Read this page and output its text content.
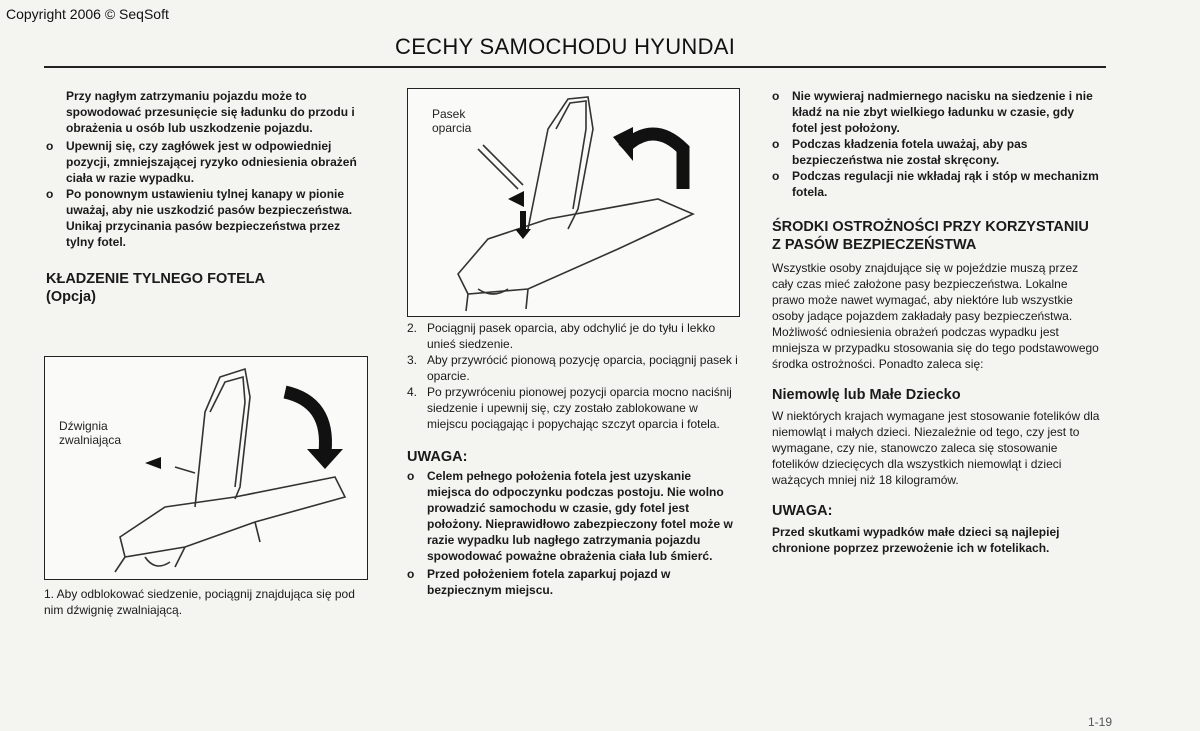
Copyright 2006 © SeqSoft
CECHY SAMOCHODU HYUNDAI

Przy nagłym zatrzymaniu pojazdu może to spowodować przesunięcie się ładunku do przodu i obrażenia u osób lub uszkodzenie pojazdu.

o	Upewnij się, czy zagłówek jest w odpowiedniej pozycji, zmniejszającej ryzyko odniesienia obrażeń ciała w razie wypadku.
o	Po ponownym ustawieniu tylnej kanapy w pionie uważaj, aby nie uszkodzić pasów bezpieczeństwa. Unikaj przycinania pasów bezpieczeństwa przez tylny fotel.
KŁADZENIE TYLNEGO FOTELA (Opcja)
Dźwignia zwalniająca

1. Aby odblokować siedzenie, pociągnij znajdująca się pod nim dźwignię zwalniającą.

Pasek oparcia
2. Pociągnij pasek oparcia, aby odchylić je do tyłu i lekko unieś siedzenie.
3. Aby przywrócić pionową pozycję oparcia, pociągnij pasek i oparcie.
4. Po przywróceniu pionowej pozycji oparcia mocno naciśnij siedzenie i upewnij się, czy zostało zablokowane w miejscu pociągając i popychając szczyt oparcia i fotela.
UWAGA:
o	Celem pełnego położenia fotela jest uzyskanie miejsca do odpoczynku podczas postoju. Nie wolno prowadzić samochodu w czasie, gdy fotel jest położony. Nieprawidłowo zabezpieczony fotel może w razie wypadku lub nagłego zatrzymania pojazdu spowodować poważne obrażenia ciała lub śmierć.
o	Przed położeniem fotela zaparkuj pojazd w bezpiecznym miejscu.
o	Nie wywieraj nadmiernego nacisku na siedzenie i nie kładź na nie zbyt wielkiego ładunku w czasie, gdy fotel jest położony.
o	Podczas kładzenia fotela uważaj, aby pas bezpieczeństwa nie został skręcony.
o	Podczas regulacji nie wkładaj rąk i stóp w mechanizm fotela.
ŚRODKI OSTROŻNOŚCI PRZY KORZYSTANIU Z PASÓW BEZPIECZEŃSTWA

Wszystkie osoby znajdujące się w pojeździe muszą przez cały czas mieć założone pasy bezpieczeństwa. Lokalne prawo może nawet wymagać, aby niektóre lub wszystkie osoby jadące pojazdem zakładały pasy bezpieczeństwa. Możliwość odniesienia obrażeń podczas wypadku jest mniejsza w przypadku stosowania się do tego podstawowego środka ostrożności. Ponadto zaleca się:

Niemowlę lub Małe Dziecko

W niektórych krajach wymagane jest stosowanie fotelików dla niemowląt i małych dzieci. Niezależnie od tego, czy jest to wymagane, czy nie, stanowczo zaleca się stosowanie fotelików dziecięcych dla wszystkich niemowląt i dzieci ważących mniej niż 18 kilogramów.

UWAGA:

Przed skutkami wypadków małe dzieci są najlepiej chronione poprzez przewożenie ich w fotelikach.

1-19
